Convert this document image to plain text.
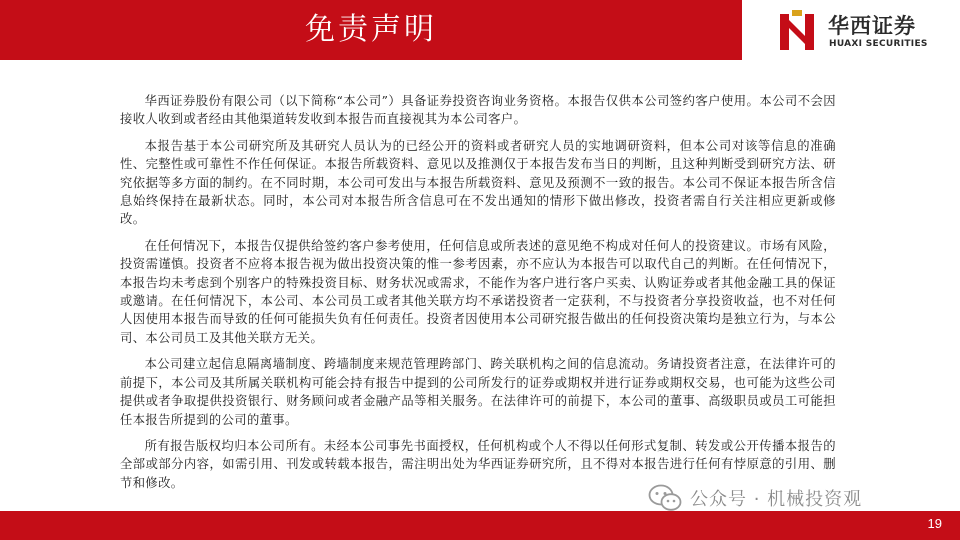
免责声明	华西证券
HUAXI SECURITIES

华西证券股份有限公司（以下简称“本公司”）具备证券投资咨询业务资格。本报告仅供本公司签约客户使用。本公司不会因接收人收到或者经由其他渠道转发收到本报告而直接视其为本公司客户。

本报告基于本公司研究所及其研究人员认为的已经公开的资料或者研究人员的实地调研资料，但本公司对该等信息的准确性、完整性或可靠性不作任何保证。本报告所载资料、意见以及推测仅于本报告发布当日的判断，且这种判断受到研究方法、研究依据等多方面的制约。在不同时期，本公司可发出与本报告所载资料、意见及预测不一致的报告。本公司不保证本报告所含信息始终保持在最新状态。同时，本公司对本报告所含信息可在不发出通知的情形下做出修改，投资者需自行关注相应更新或修改。

在任何情况下，本报告仅提供给签约客户参考使用，任何信息或所表述的意见绝不构成对任何人的投资建议。市场有风险，投资需谨慎。投资者不应将本报告视为做出投资决策的惟一参考因素，亦不应认为本报告可以取代自己的判断。在任何情况下，本报告均未考虑到个别客户的特殊投资目标、财务状况或需求，不能作为客户进行客户买卖、认购证券或者其他金融工具的保证或邀请。在任何情况下，本公司、本公司员工或者其他关联方均不承诺投资者一定获利，不与投资者分享投资收益，也不对任何人因使用本报告而导致的任何可能损失负有任何责任。投资者因使用本公司研究报告做出的任何投资决策均是独立行为，与本公司、本公司员工及其他关联方无关。

本公司建立起信息隔离墙制度、跨墙制度来规范管理跨部门、跨关联机构之间的信息流动。务请投资者注意，在法律许可的前提下，本公司及其所属关联机构可能会持有报告中提到的公司所发行的证券或期权并进行证券或期权交易，也可能为这些公司提供或者争取提供投资银行、财务顾问或者金融产品等相关服务。在法律许可的前提下，本公司的董事、高级职员或员工可能担任本报告所提到的公司的董事。

所有报告版权均归本公司所有。未经本公司事先书面授权，任何机构或个人不得以任何形式复制、转发或公开传播本报告的全部或部分内容，如需引用、刊发或转载本报告，需注明出处为华西证券研究所，且不得对本报告进行任何有悖原意的引用、删节和修改。

公众号 · 机械投资观
19
